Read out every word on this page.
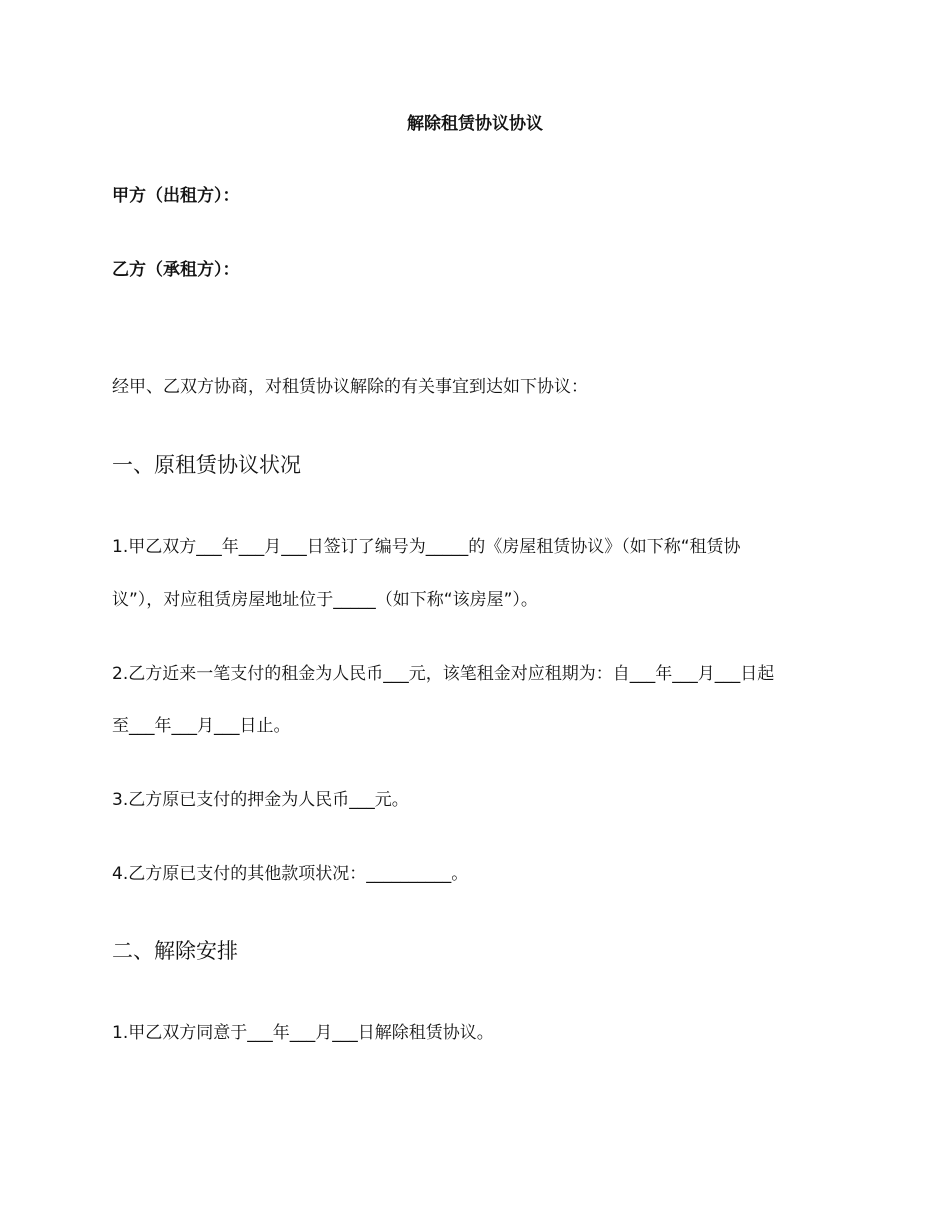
解除租赁协议协议
甲方（出租方）：
乙方（承租方）：
经甲、乙双方协商，对租赁协议解除的有关事宜到达如下协议：
一、原租赁协议状况
1.甲乙双方___年___月___日签订了编号为_____的《房屋租赁协议》（如下称“租赁协
议”），对应租赁房屋地址位于_____（如下称“该房屋”）。
2.乙方近来一笔支付的租金为人民币___元，该笔租金对应租期为：自___年___月___日起
至___年___月___日止。
3.乙方原已支付的押金为人民币___元。
4.乙方原已支付的其他款项状况：__________。
二、解除安排
1.甲乙双方同意于___年___月___日解除租赁协议。
